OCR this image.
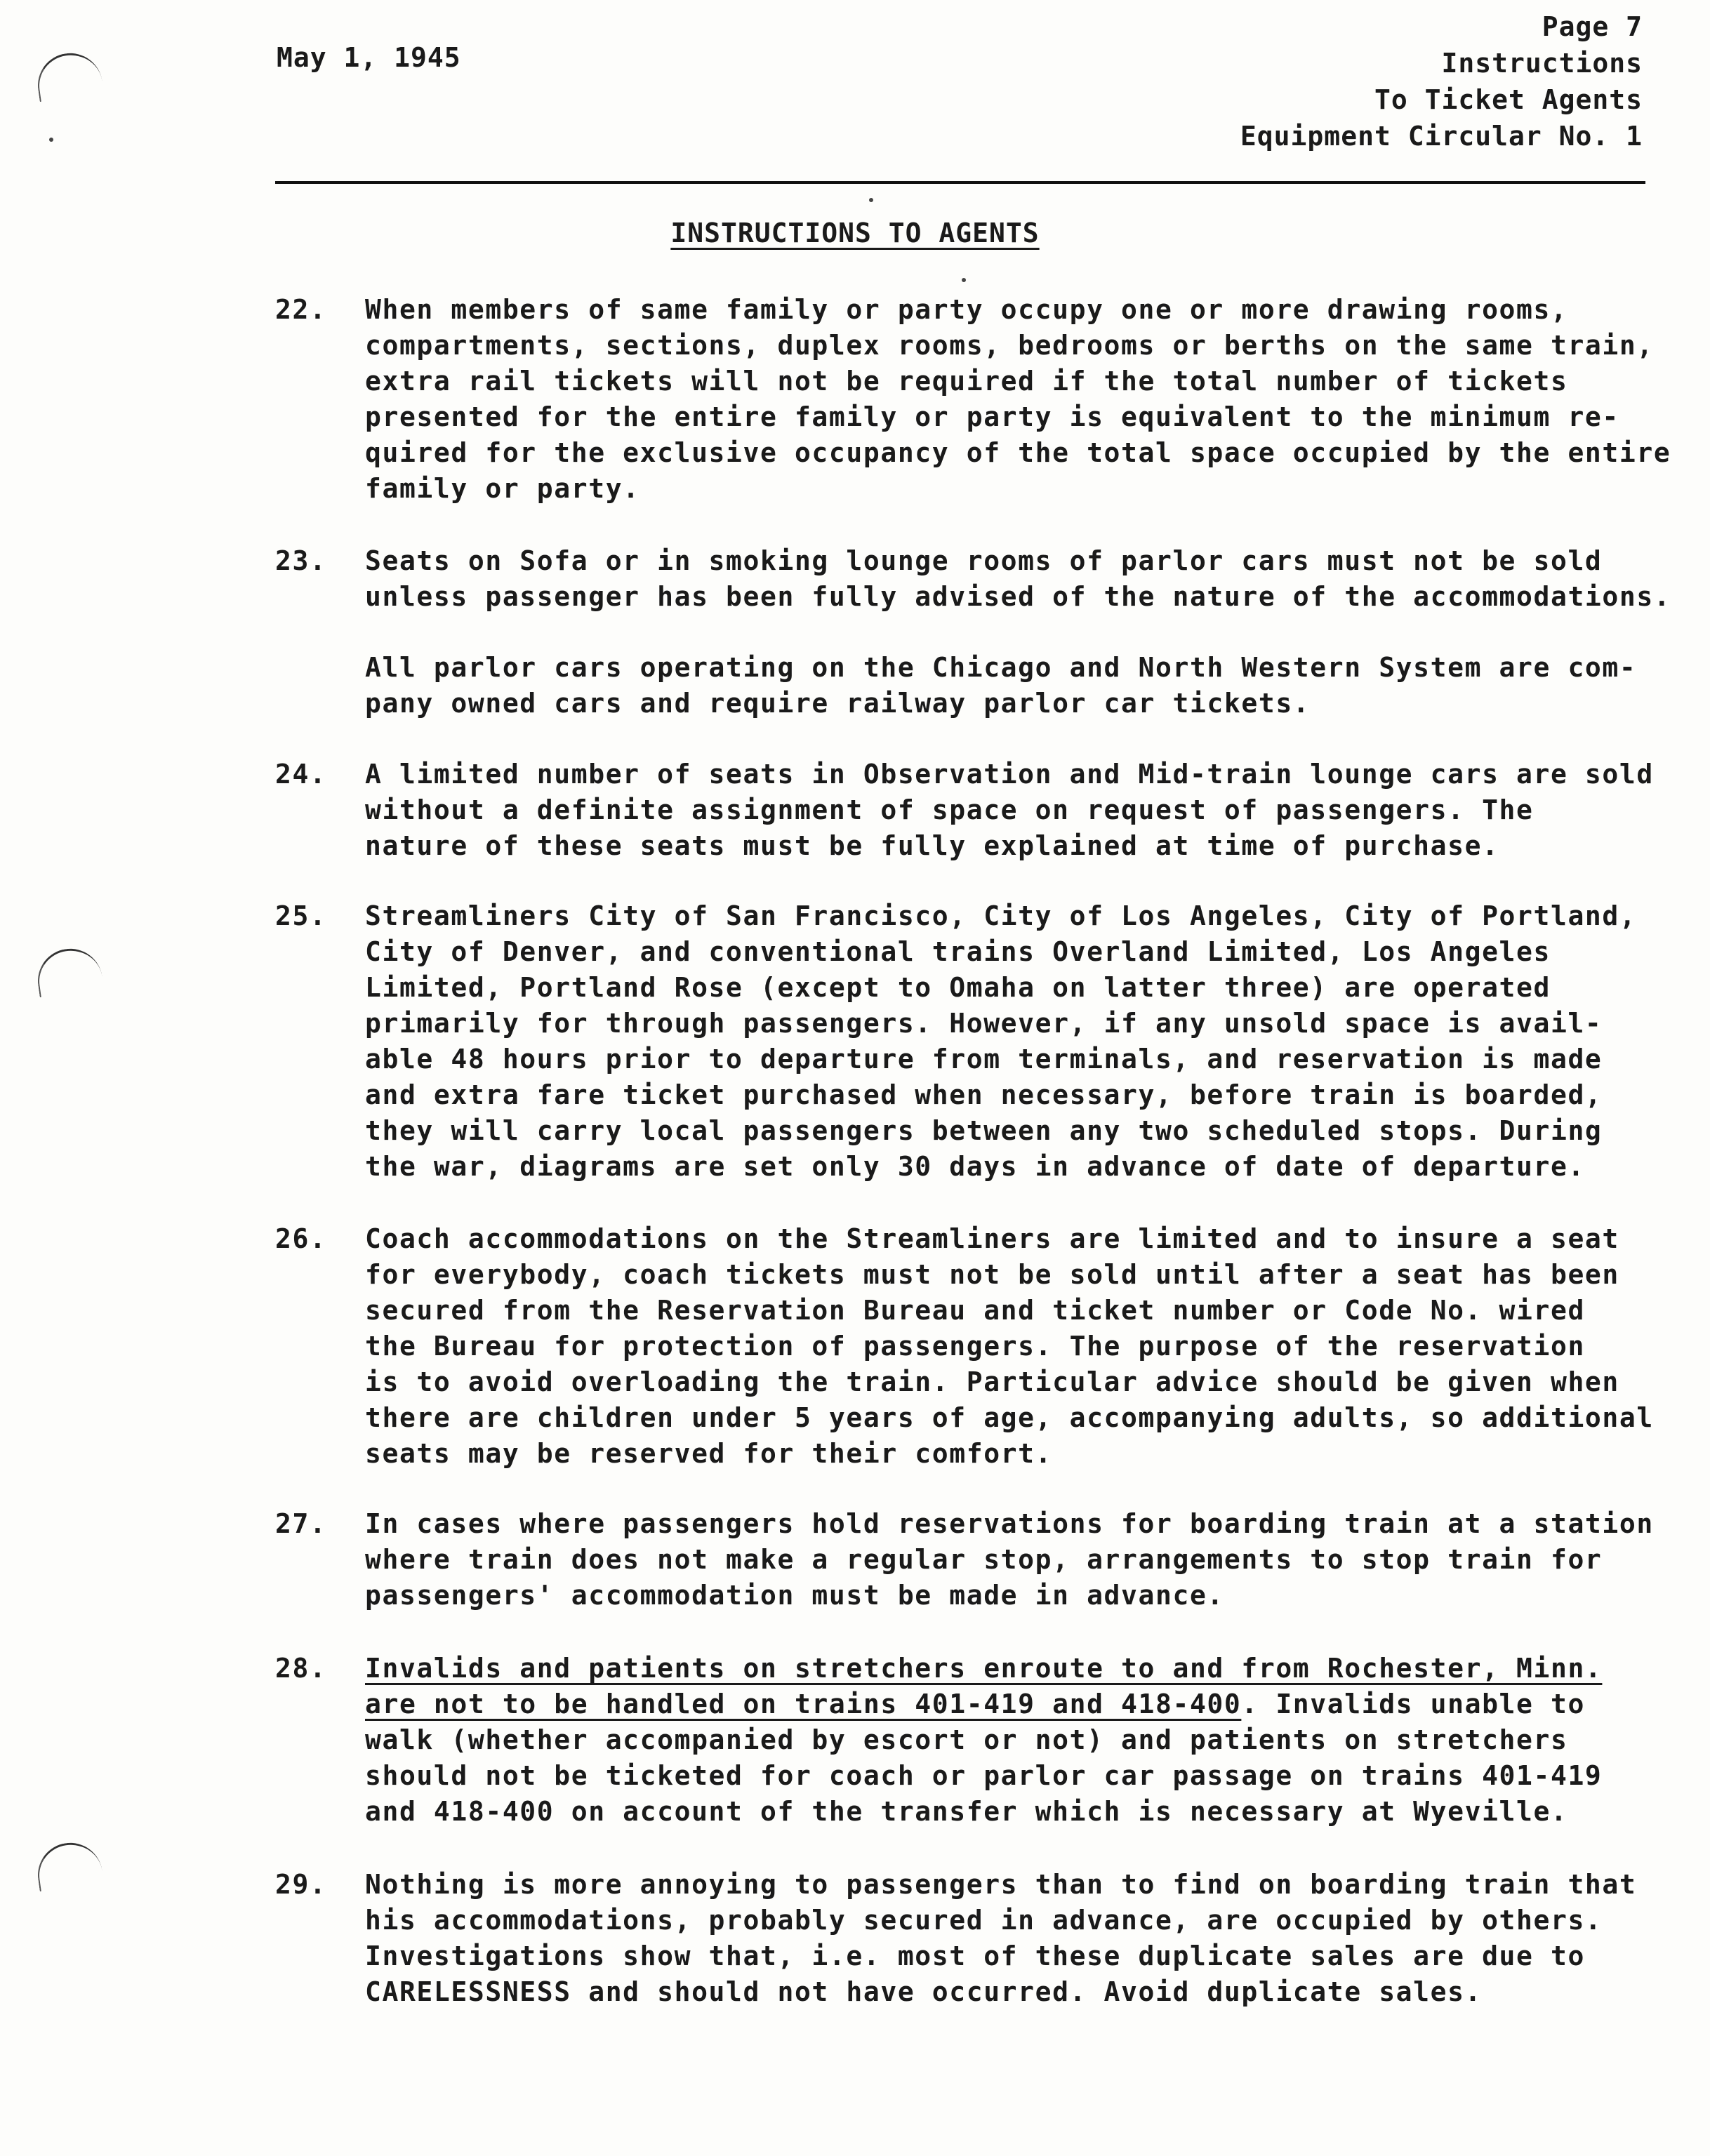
May 1, 1945
Page 7
Instructions
To Ticket Agents
Equipment Circular No. 1
INSTRUCTIONS TO AGENTS
22. When members of same family or party occupy one or more drawing rooms,
compartments, sections, duplex rooms, bedrooms or berths on the same train,
extra rail tickets will not be required if the total number of tickets
presented for the entire family or party is equivalent to the minimum re-
quired for the exclusive occupancy of the total space occupied by the entire
family or party.
23. Seats on Sofa or in smoking lounge rooms of parlor cars must not be sold
unless passenger has been fully advised of the nature of the accommodations.
All parlor cars operating on the Chicago and North Western System are com-
pany owned cars and require railway parlor car tickets.
24. A limited number of seats in Observation and Mid-train lounge cars are sold
without a definite assignment of space on request of passengers. The
nature of these seats must be fully explained at time of purchase.
25. Streamliners City of San Francisco, City of Los Angeles, City of Portland,
City of Denver, and conventional trains Overland Limited, Los Angeles
Limited, Portland Rose (except to Omaha on latter three) are operated
primarily for through passengers. However, if any unsold space is avail-
able 48 hours prior to departure from terminals, and reservation is made
and extra fare ticket purchased when necessary, before train is boarded,
they will carry local passengers between any two scheduled stops. During
the war, diagrams are set only 30 days in advance of date of departure.
26. Coach accommodations on the Streamliners are limited and to insure a seat
for everybody, coach tickets must not be sold until after a seat has been
secured from the Reservation Bureau and ticket number or Code No. wired
the Bureau for protection of passengers. The purpose of the reservation
is to avoid overloading the train. Particular advice should be given when
there are children under 5 years of age, accompanying adults, so additional
seats may be reserved for their comfort.
27. In cases where passengers hold reservations for boarding train at a station
where train does not make a regular stop, arrangements to stop train for
passengers' accommodation must be made in advance.
28. Invalids and patients on stretchers enroute to and from Rochester, Minn.
are not to be handled on trains 401-419 and 418-400. Invalids unable to
walk (whether accompanied by escort or not) and patients on stretchers
should not be ticketed for coach or parlor car passage on trains 401-419
and 418-400 on account of the transfer which is necessary at Wyeville.
29. Nothing is more annoying to passengers than to find on boarding train that
his accommodations, probably secured in advance, are occupied by others.
Investigations show that, i.e. most of these duplicate sales are due to
CARELESSNESS and should not have occurred. Avoid duplicate sales.
